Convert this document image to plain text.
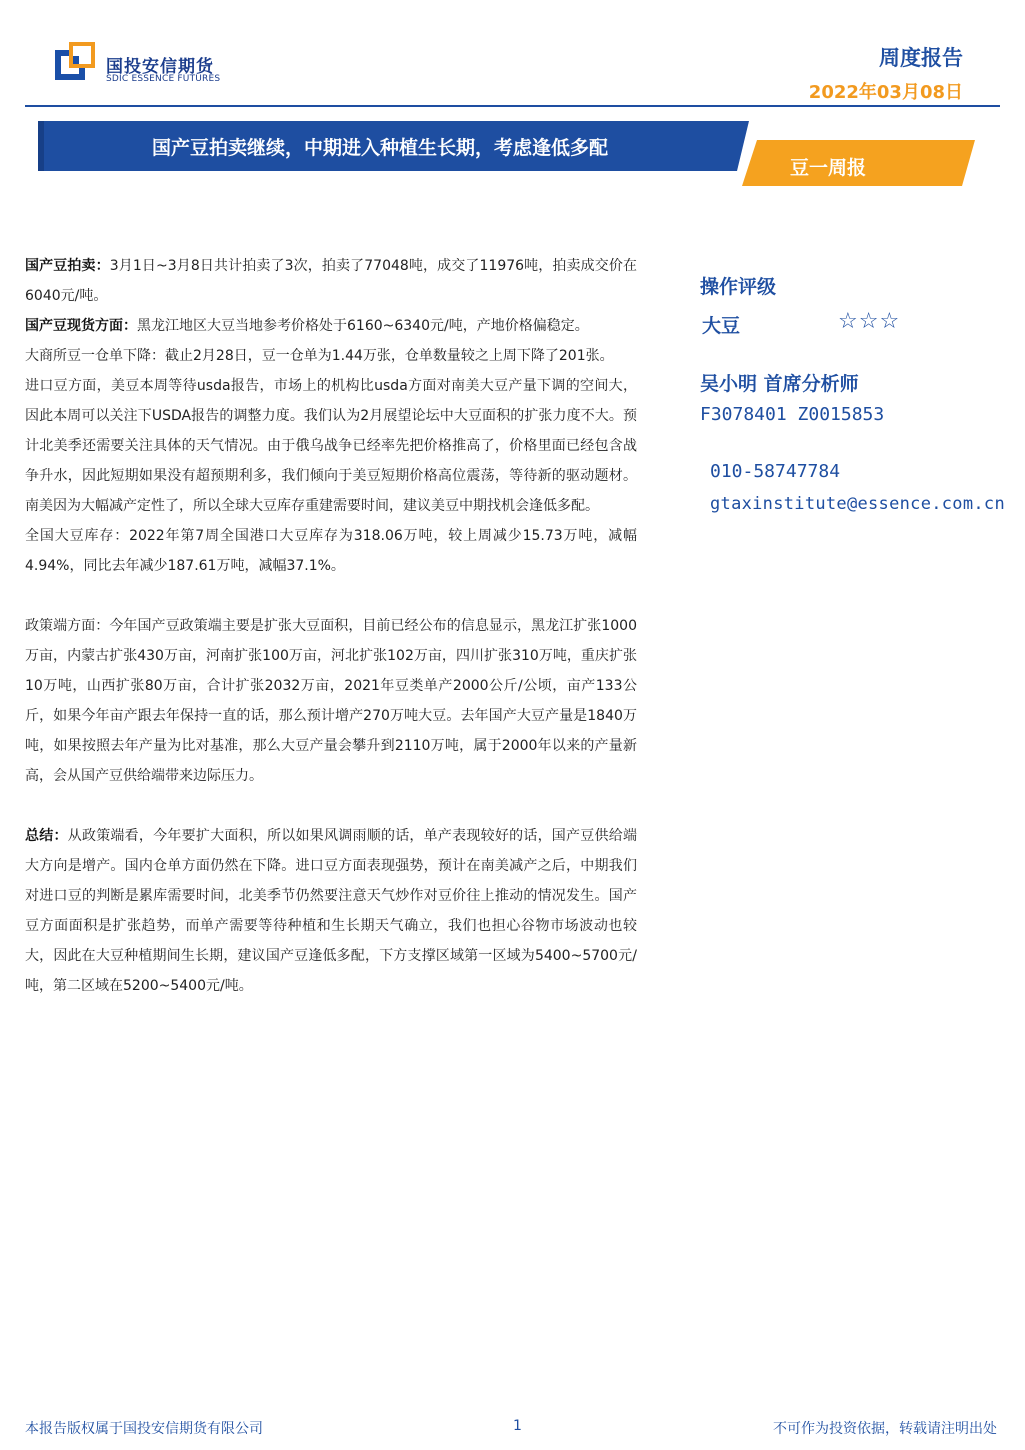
国投安信期货
SDIC ESSENCE FUTURES
周度报告
2022年03月08日
国产豆拍卖继续，中期进入种植生长期，考虑逢低多配
豆一周报

国产豆拍卖：3月1日~3月8日共计拍卖了3次，拍卖了77048吨，成交了11976吨，拍卖成交价在6040元/吨。

国产豆现货方面：黑龙江地区大豆当地参考价格处于6160~6340元/吨，产地价格偏稳定。

大商所豆一仓单下降：截止2月28日，豆一仓单为1.44万张，仓单数量较之上周下降了201张。

进口豆方面，美豆本周等待usda报告，市场上的机构比usda方面对南美大豆产量下调的空间大，因此本周可以关注下USDA报告的调整力度。我们认为2月展望论坛中大豆面积的扩张力度不大。预计北美季还需要关注具体的天气情况。由于俄乌战争已经率先把价格推高了，价格里面已经包含战争升水，因此短期如果没有超预期利多，我们倾向于美豆短期价格高位震荡，等待新的驱动题材。南美因为大幅减产定性了，所以全球大豆库存重建需要时间，建议美豆中期找机会逢低多配。

全国大豆库存：2022年第7周全国港口大豆库存为318.06万吨，较上周减少15.73万吨，减幅4.94%，同比去年减少187.61万吨，减幅37.1%。

政策端方面：今年国产豆政策端主要是扩张大豆面积，目前已经公布的信息显示，黑龙江扩张1000万亩，内蒙古扩张430万亩，河南扩张100万亩，河北扩张102万亩，四川扩张310万吨，重庆扩张10万吨，山西扩张80万亩，合计扩张2032万亩，2021年豆类单产2000公斤/公顷，亩产133公斤，如果今年亩产跟去年保持一直的话，那么预计增产270万吨大豆。去年国产大豆产量是1840万吨，如果按照去年产量为比对基准，那么大豆产量会攀升到2110万吨，属于2000年以来的产量新高，会从国产豆供给端带来边际压力。

总结：从政策端看，今年要扩大面积，所以如果风调雨顺的话，单产表现较好的话，国产豆供给端大方向是增产。国内仓单方面仍然在下降。进口豆方面表现强势，预计在南美减产之后，中期我们对进口豆的判断是累库需要时间，北美季节仍然要注意天气炒作对豆价往上推动的情况发生。国产豆方面面积是扩张趋势，而单产需要等待种植和生长期天气确立，我们也担心谷物市场波动也较大，因此在大豆种植期间生长期，建议国产豆逢低多配，下方支撑区域第一区域为5400~5700元/吨，第二区域在5200~5400元/吨。

操作评级
大豆	☆☆☆
吴小明 首席分析师
F3078401 Z0015853
010-58747784
gtaxinstitute@essence.com.cn
本报告版权属于国投安信期货有限公司	1	不可作为投资依据，转载请注明出处
